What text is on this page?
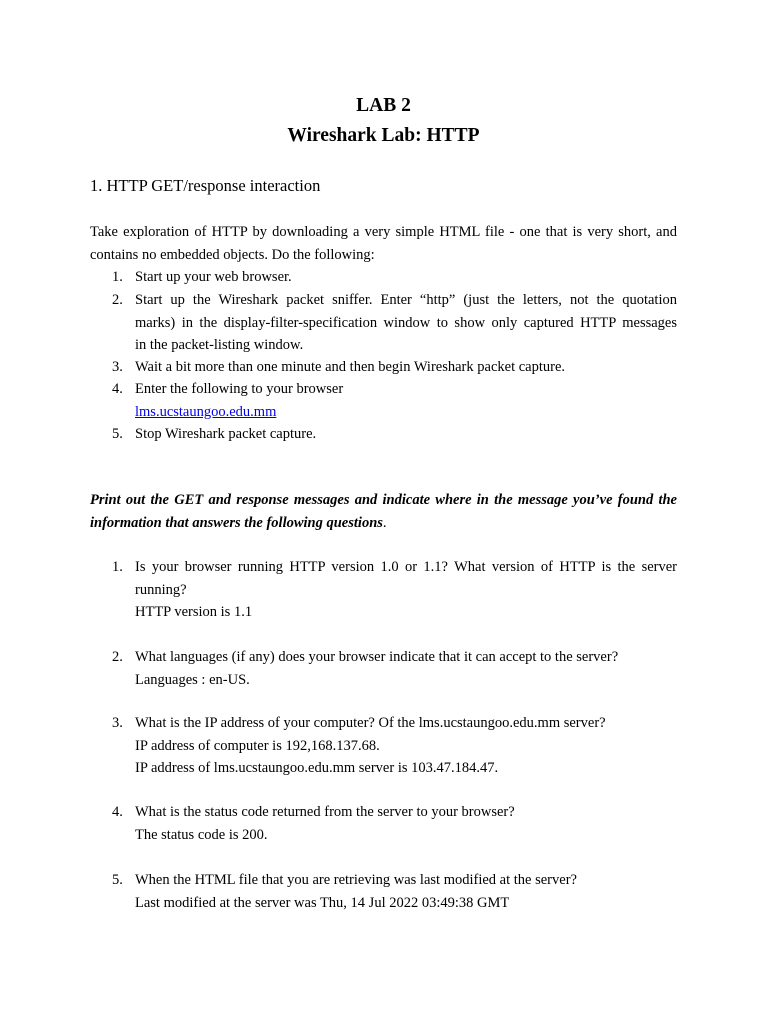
LAB 2
Wireshark Lab: HTTP
1. HTTP GET/response interaction
Take exploration of HTTP by downloading a very simple HTML file - one that is very short, and
contains no embedded objects. Do the following:
1. Start up your web browser.
2. Start up the Wireshark packet sniffer. Enter “http” (just the letters, not the quotation
marks) in the display-filter-specification window to show only captured HTTP messages
in the packet-listing window.
3. Wait a bit more than one minute and then begin Wireshark packet capture.
4. Enter the following to your browser
lms.ucstaungoo.edu.mm
5. Stop Wireshark packet capture.
Print out the GET and response messages and indicate where in the message you’ve found the
information that answers the following questions.
1. Is your browser running HTTP version 1.0 or 1.1? What version of HTTP is the server
running?
HTTP version is 1.1
2. What languages (if any) does your browser indicate that it can accept to the server?
Languages : en-US.
3. What is the IP address of your computer? Of the lms.ucstaungoo.edu.mm server?
IP address of computer is 192,168.137.68.
IP address of lms.ucstaungoo.edu.mm server is 103.47.184.47.
4. What is the status code returned from the server to your browser?
The status code is 200.
5. When the HTML file that you are retrieving was last modified at the server?
Last modified at the server was Thu, 14 Jul 2022 03:49:38 GMT
